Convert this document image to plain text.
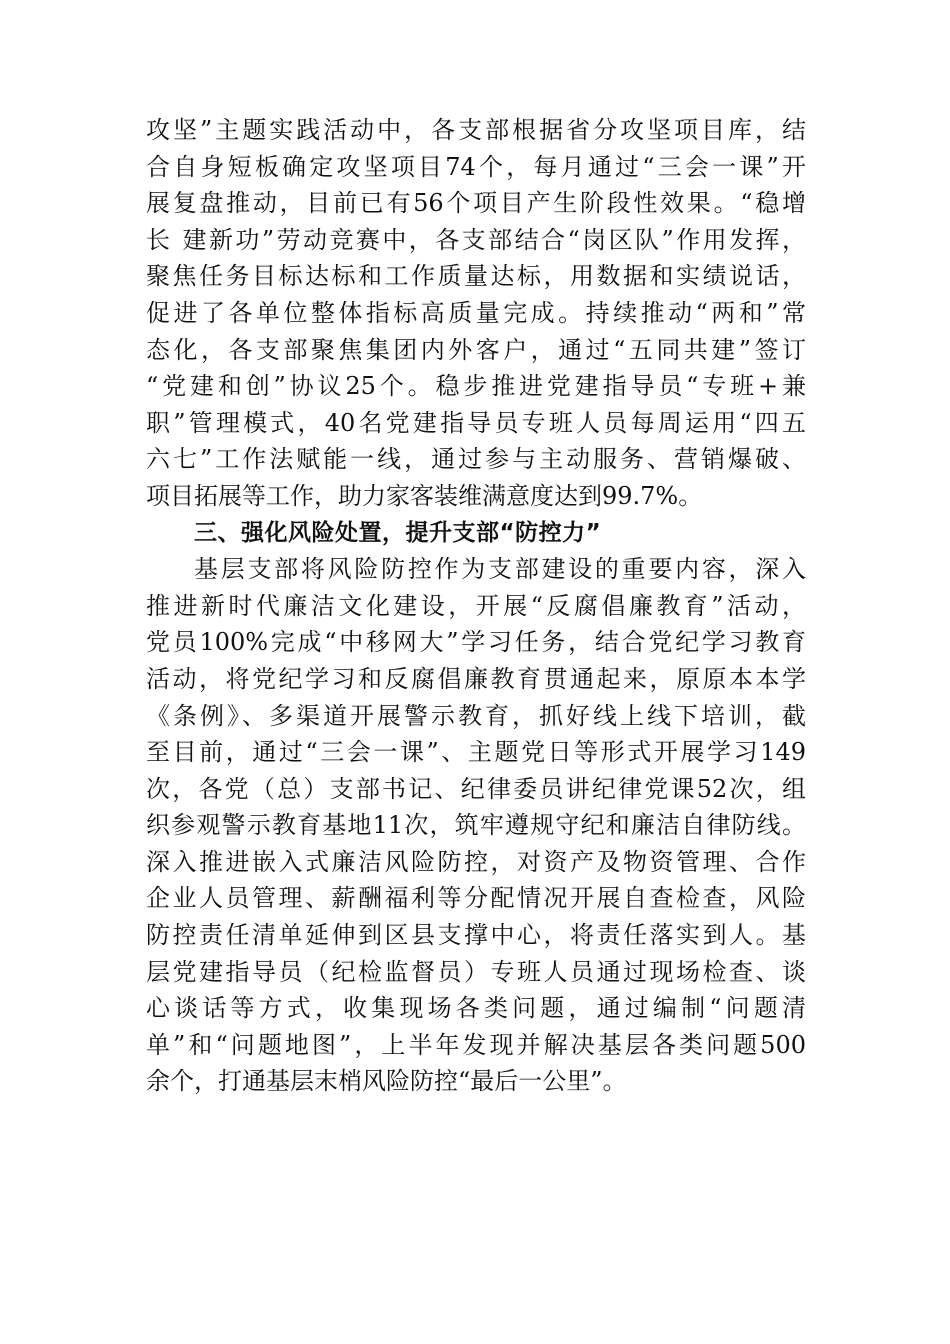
攻坚”主题实践活动中，各支部根据省分攻坚项目库，结
合自身短板确定攻坚项目74个，每月通过“三会一课”开
展复盘推动，目前已有56个项目产生阶段性效果。“稳增
长 建新功”劳动竞赛中，各支部结合“岗区队”作用发挥，
聚焦任务目标达标和工作质量达标，用数据和实绩说话，
促进了各单位整体指标高质量完成。持续推动“两和”常
态化，各支部聚焦集团内外客户，通过“五同共建”签订
“党建和创”协议25个。稳步推进党建指导员“专班+兼
职”管理模式，40名党建指导员专班人员每周运用“四五
六七”工作法赋能一线，通过参与主动服务、营销爆破、
项目拓展等工作，助力家客装维满意度达到99.7%。
三、强化风险处置，提升支部“防控力”
基层支部将风险防控作为支部建设的重要内容，深入
推进新时代廉洁文化建设，开展“反腐倡廉教育”活动，
党员100%完成“中移网大”学习任务，结合党纪学习教育
活动，将党纪学习和反腐倡廉教育贯通起来，原原本本学
《条例》、多渠道开展警示教育，抓好线上线下培训，截
至目前，通过“三会一课”、主题党日等形式开展学习149
次，各党（总）支部书记、纪律委员讲纪律党课52次，组
织参观警示教育基地11次，筑牢遵规守纪和廉洁自律防线。
深入推进嵌入式廉洁风险防控，对资产及物资管理、合作
企业人员管理、薪酬福利等分配情况开展自查检查，风险
防控责任清单延伸到区县支撑中心，将责任落实到人。基
层党建指导员（纪检监督员）专班人员通过现场检查、谈
心谈话等方式，收集现场各类问题，通过编制“问题清
单”和“问题地图”，上半年发现并解决基层各类问题500
余个，打通基层末梢风险防控“最后一公里”。
